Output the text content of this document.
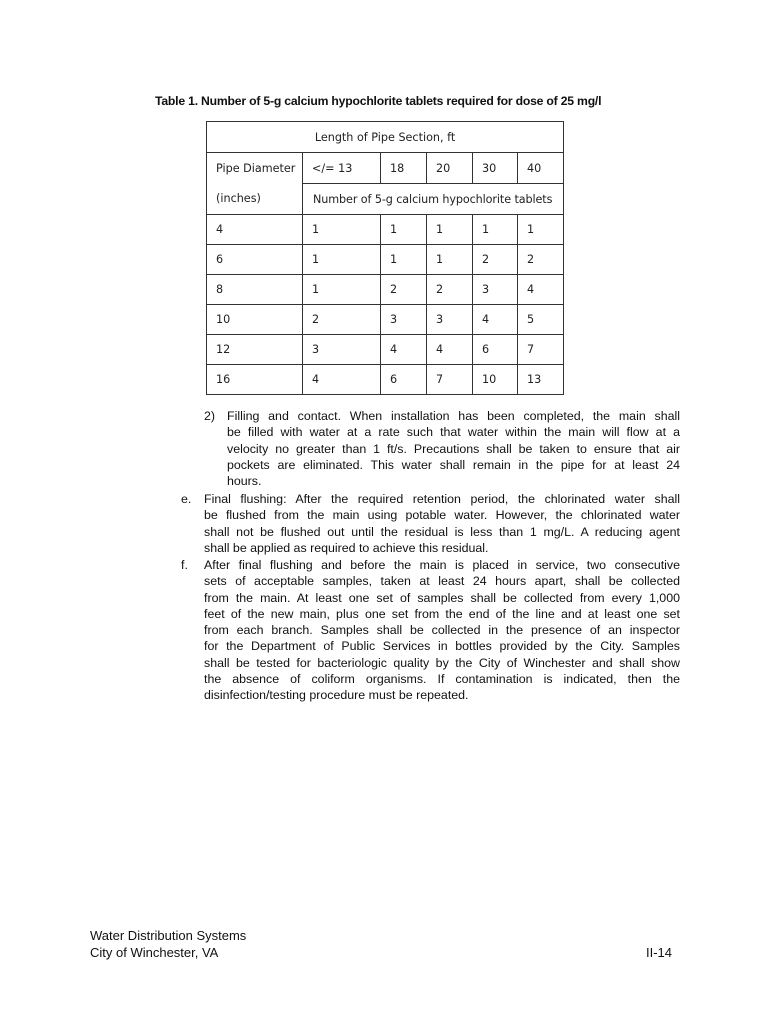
Table 1. Number of 5-g calcium hypochlorite tablets required for dose of 25 mg/l
Length of Pipe Section, ft					
Pipe Diameter	</= 13	18	20	30	40
(inches)	Number of 5-g calcium hypochlorite tablets				
4	1	1	1	1	1
6	1	1	1	2	2
8	1	2	2	3	4
10	2	3	3	4	5
12	3	4	4	6	7
16	4	6	7	10	13
2) Filling and contact. When installation has been completed, the main shall
be filled with water at a rate such that water within the main will flow at a
velocity no greater than 1 ft/s. Precautions shall be taken to ensure that air
pockets are eliminated. This water shall remain in the pipe for at least 24
hours.
e. Final flushing: After the required retention period, the chlorinated water shall
be flushed from the main using potable water. However, the chlorinated water
shall not be flushed out until the residual is less than 1 mg/L. A reducing agent
shall be applied as required to achieve this residual.
f. After final flushing and before the main is placed in service, two consecutive
sets of acceptable samples, taken at least 24 hours apart, shall be collected
from the main. At least one set of samples shall be collected from every 1,000
feet of the new main, plus one set from the end of the line and at least one set
from each branch. Samples shall be collected in the presence of an inspector
for the Department of Public Services in bottles provided by the City. Samples
shall be tested for bacteriologic quality by the City of Winchester and shall show
the absence of coliform organisms. If contamination is indicated, then the
disinfection/testing procedure must be repeated.
Water Distribution Systems
City of Winchester, VA	II-14
